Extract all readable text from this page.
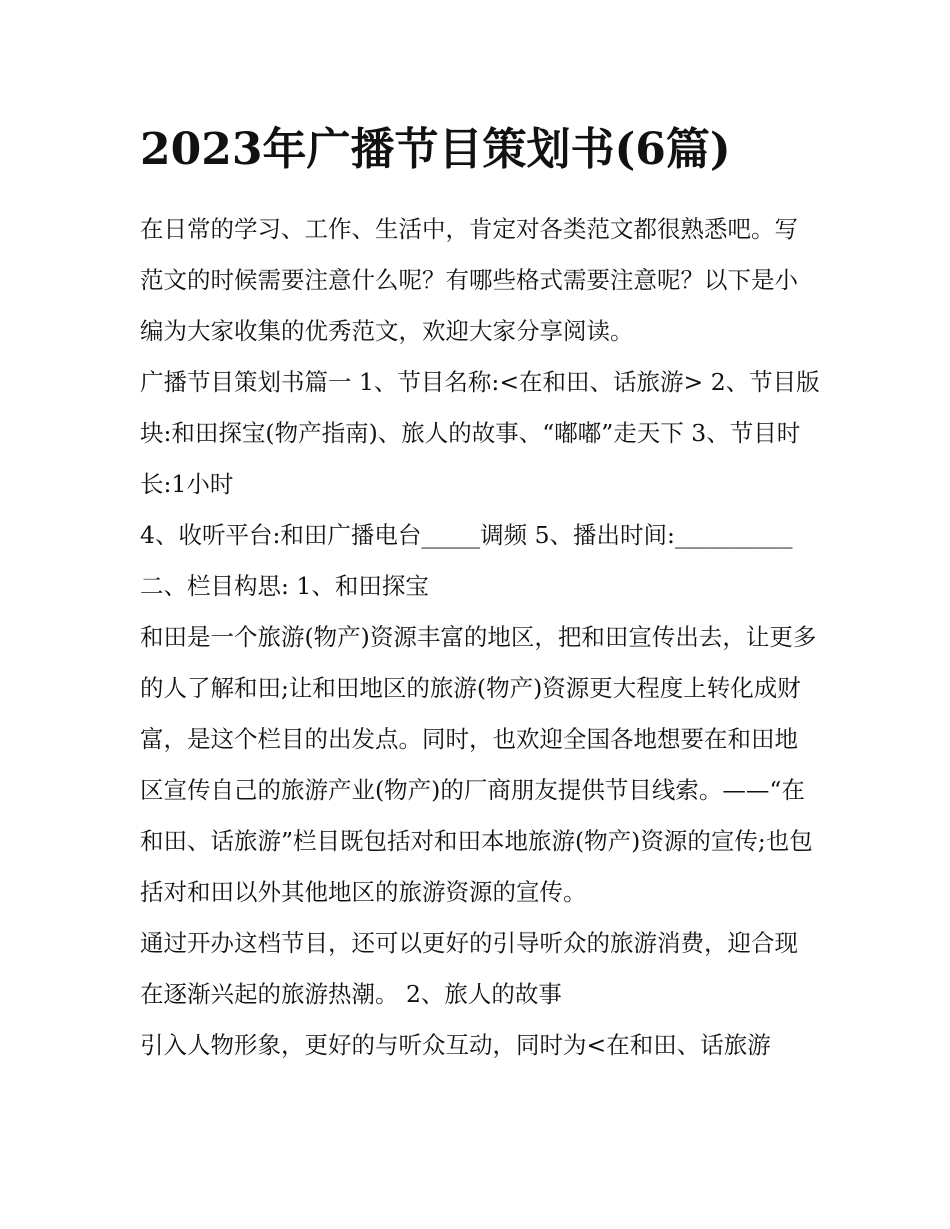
2023年广播节目策划书(6篇)

在日常的学习、工作、生活中，肯定对各类范文都很熟悉吧。写范文的时候需要注意什么呢？有哪些格式需要注意呢？以下是小编为大家收集的优秀范文，欢迎大家分享阅读。

广播节目策划书篇一 1、节目名称:<在和田、话旅游> 2、节目版块:和田探宝(物产指南)、旅人的故事、“嘟嘟”走天下 3、节目时长:1小时

4、收听平台:和田广播电台_____调频 5、播出时间:__________

二、栏目构思: 1、和田探宝

和田是一个旅游(物产)资源丰富的地区，把和田宣传出去，让更多的人了解和田;让和田地区的旅游(物产)资源更大程度上转化成财富，是这个栏目的出发点。同时，也欢迎全国各地想要在和田地区宣传自己的旅游产业(物产)的厂商朋友提供节目线索。——“在和田、话旅游”栏目既包括对和田本地旅游(物产)资源的宣传;也包括对和田以外其他地区的旅游资源的宣传。

通过开办这档节目，还可以更好的引导听众的旅游消费，迎合现在逐渐兴起的旅游热潮。 2、旅人的故事

引入人物形象，更好的与听众互动，同时为<在和田、话旅游
